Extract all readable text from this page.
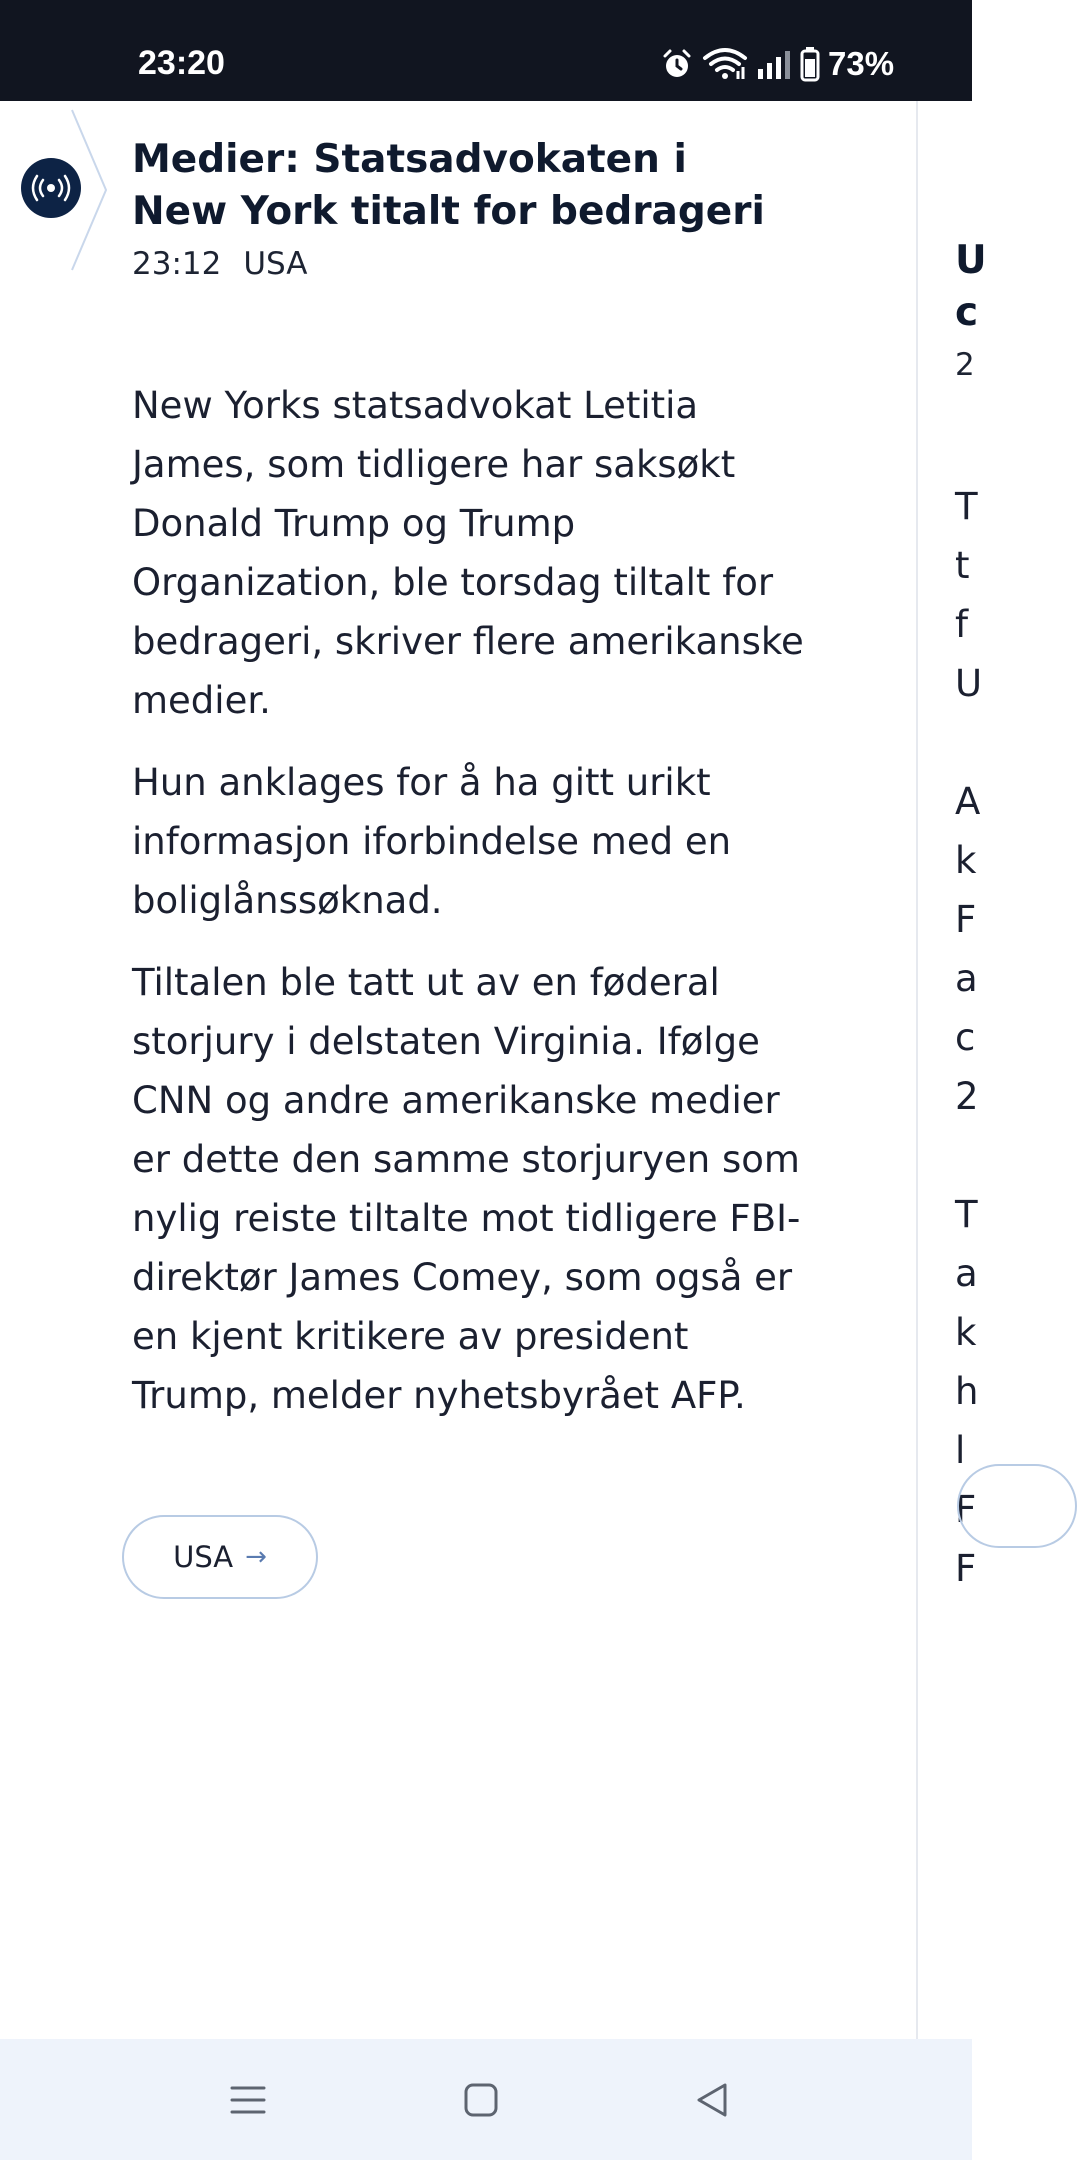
23:20	73%
Medier: Statsadvokaten i New York titalt for bedrageri
23:12 USA

New Yorks statsadvokat Letitia James, som tidligere har saksøkt Donald Trump og Trump Organization, ble torsdag tiltalt for bedrageri, skriver flere amerikanske medier.

Hun anklages for å ha gitt urikt informasjon iforbindelse med en boliglånssøknad.

Tiltalen ble tatt ut av en føderal storjury i delstaten Virginia. Ifølge CNN og andre amerikanske medier er dette den samme storjuryen som nylig reiste tiltalte mot tidligere FBI-direktør James Comey, som også er en kjent kritikere av president Trump, melder nyhetsbyrået AFP.

USA →
U
c
2
T
t
f
U

A
k
F
a
c
2

T
a
k
h
l
F
F
